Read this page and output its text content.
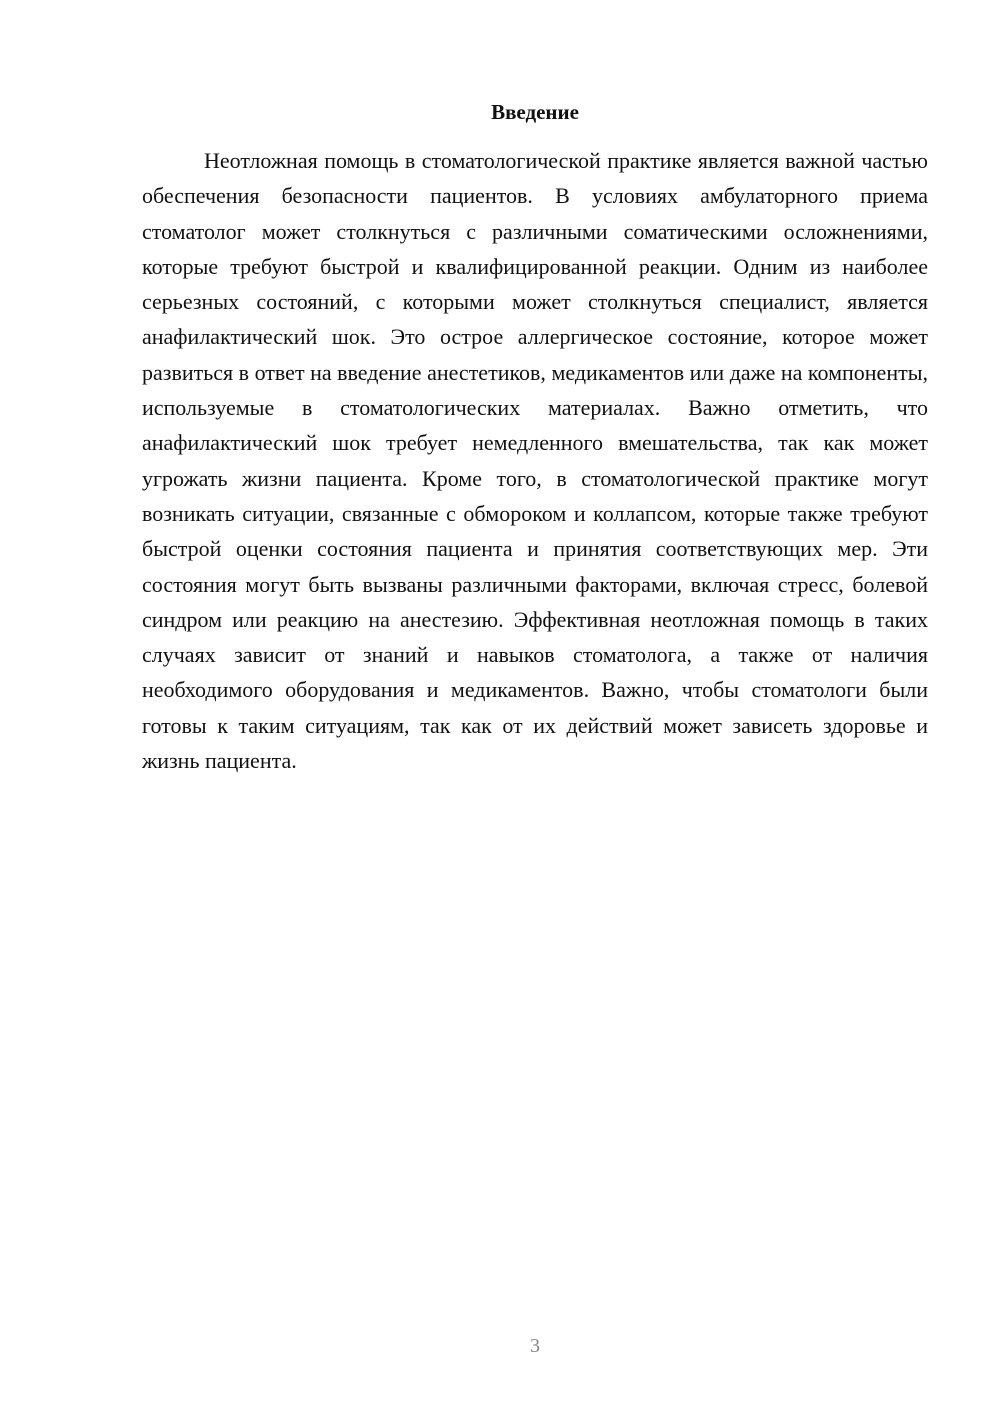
Введение

Неотложная помощь в стоматологической практике является важной частью обеспечения безопасности пациентов. В условиях амбулаторного приема стоматолог может столкнуться с различными соматическими осложнениями, которые требуют быстрой и квалифицированной реакции. Одним из наиболее серьезных состояний, с которыми может столкнуться специалист, является анафилактический шок. Это острое аллергическое состояние, которое может развиться в ответ на введение анестетиков, медикаментов или даже на компоненты, используемые в стоматологических материалах. Важно отметить, что анафилактический шок требует немедленного вмешательства, так как может угрожать жизни пациента. Кроме того, в стоматологической практике могут возникать ситуации, связанные с обмороком и коллапсом, которые также требуют быстрой оценки состояния пациента и принятия соответствующих мер. Эти состояния могут быть вызваны различными факторами, включая стресс, болевой синдром или реакцию на анестезию. Эффективная неотложная помощь в таких случаях зависит от знаний и навыков стоматолога, а также от наличия необходимого оборудования и медикаментов. Важно, чтобы стоматологи были готовы к таким ситуациям, так как от их действий может зависеть здоровье и жизнь пациента.

3
